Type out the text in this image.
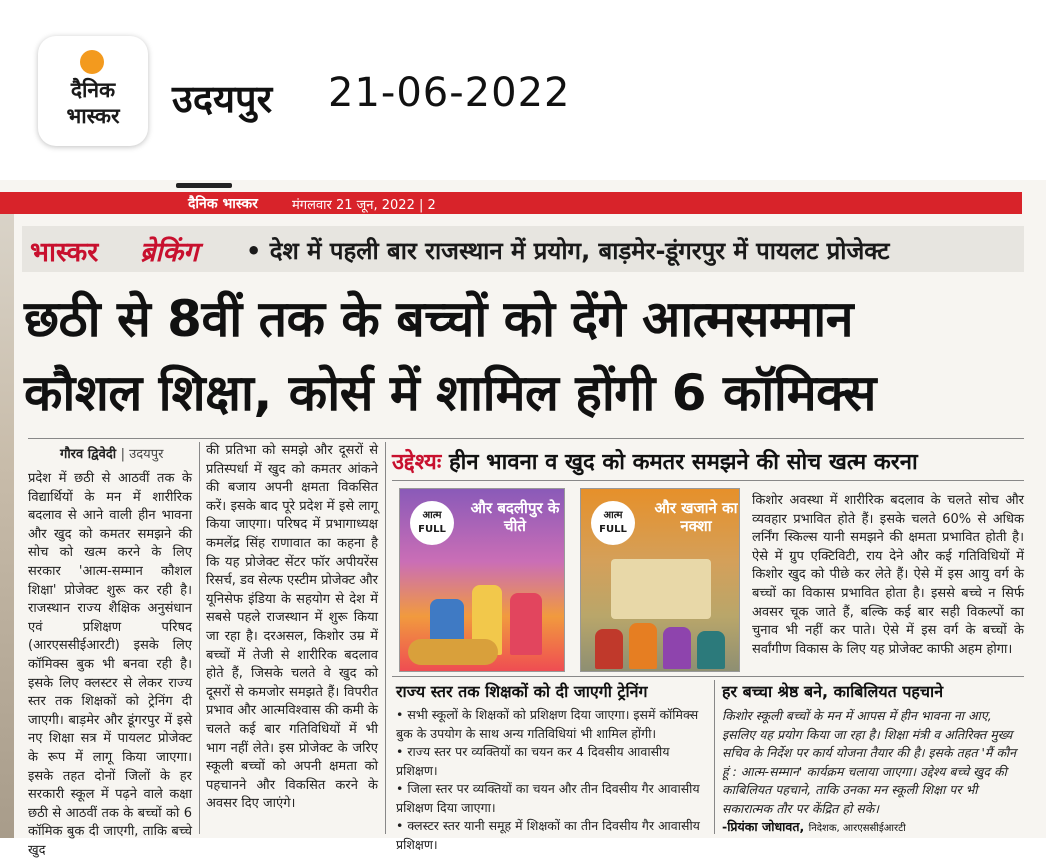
दैनिक
भास्कर	उदयपुर 21-06-2022
दैनिक भास्कर	मंगलवार 21 जून, 2022 | 2
भास्कर ब्रेकिंग • देश में पहली बार राजस्थान में प्रयोग, बाड़मेर-डूंगरपुर में पायलट प्रोजेक्ट
छठी से 8वीं तक के बच्चों को देंगे आत्मसम्मान
कौशल शिक्षा, कोर्स में शामिल होंगी 6 कॉमिक्स
गौरव द्विवेदी | उदयपुर
प्रदेश में छठी से आठवीं तक के विद्यार्थियों के मन में शारीरिक बदलाव से आने वाली हीन भावना और खुद को कमतर समझने की सोच को खत्म करने के लिए सरकार 'आत्म-सम्मान कौशल शिक्षा' प्रोजेक्ट शुरू कर रही है। राजस्थान राज्य शैक्षिक अनुसंधान एवं प्रशिक्षण परिषद (आरएससीईआरटी) इसके लिए कॉमिक्स बुक भी बनवा रही है। इसके लिए क्लस्टर से लेकर राज्य स्तर तक शिक्षकों को ट्रेनिंग दी जाएगी। बाड़मेर और डूंगरपुर में इसे नए शिक्षा सत्र में पायलट प्रोजेक्ट के रूप में लागू किया जाएगा। इसके तहत दोनों जिलों के हर सरकारी स्कूल में पढ़ने वाले कक्षा छठी से आठवीं तक के बच्चों को 6 कॉमिक बुक दी जाएगी, ताकि बच्चे खुद
की प्रतिभा को समझे और दूसरों से प्रतिस्पर्धा में खुद को कमतर आंकने की बजाय अपनी क्षमता विकसित करें। इसके बाद पूरे प्रदेश में इसे लागू किया जाएगा। परिषद में प्रभागाध्यक्ष कमलेंद्र सिंह राणावात का कहना है कि यह प्रोजेक्ट सेंटर फॉर अपीयरेंस रिसर्च, डव सेल्फ एस्टीम प्रोजेक्ट और यूनिसेफ इंडिया के सहयोग से देश में सबसे पहले राजस्थान में शुरू किया जा रहा है। दरअसल, किशोर उम्र में बच्चों में तेजी से शारीरिक बदलाव होते हैं, जिसके चलते वे खुद को दूसरों से कमजोर समझते हैं। विपरीत प्रभाव और आत्मविश्वास की कमी के चलते कई बार गतिविधियों में भी भाग नहीं लेते। इस प्रोजेक्ट के जरिए स्कूली बच्चों को अपनी क्षमता को पहचानने और विकसित करने के अवसर दिए जाएंगे।
उद्देश्यः हीन भावना व खुद को कमतर समझने की सोच खत्म करना
आत्म FULL
और बदलीपुर के चीते
आत्म FULL
और खजाने का नक्शा
किशोर अवस्था में शारीरिक बदलाव के चलते सोच और व्यवहार प्रभावित होते हैं। इसके चलते 60% से अधिक लर्निंग स्किल्स यानी समझने की क्षमता प्रभावित होती है। ऐसे में ग्रुप एक्टिविटी, राय देने और कई गतिविधियों में किशोर खुद को पीछे कर लेते हैं। ऐसे में इस आयु वर्ग के बच्चों का विकास प्रभावित होता है। इससे बच्चे न सिर्फ अवसर चूक जाते हैं, बल्कि कई बार सही विकल्पों का चुनाव भी नहीं कर पाते। ऐसे में इस वर्ग के बच्चों के सर्वांगीण विकास के लिए यह प्रोजेक्ट काफी अहम होगा।
राज्य स्तर तक शिक्षकों को दी जाएगी ट्रेनिंग
• सभी स्कूलों के शिक्षकों को प्रशिक्षण दिया जाएगा। इसमें कॉमिक्स बुक के उपयोग के साथ अन्य गतिविधियां भी शामिल होंगी।
• राज्य स्तर पर व्यक्तियों का चयन कर 4 दिवसीय आवासीय प्रशिक्षण।
• जिला स्तर पर व्यक्तियों का चयन और तीन दिवसीय गैर आवासीय प्रशिक्षण दिया जाएगा।
• क्लस्टर स्तर यानी समूह में शिक्षकों का तीन दिवसीय गैर आवासीय प्रशिक्षण।
हर बच्चा श्रेष्ठ बने, काबिलियत पहचाने
किशोर स्कूली बच्चों के मन में आपस में हीन भावना ना आए, इसलिए यह प्रयोग किया जा रहा है। शिक्षा मंत्री व अतिरिक्त मुख्य सचिव के निर्देश पर कार्य योजना तैयार की है। इसके तहत 'मैं कौन हूं : आत्म-सम्मान' कार्यक्रम चलाया जाएगा। उद्देश्य बच्चे खुद की काबिलियत पहचाने, ताकि उनका मन स्कूली शिक्षा पर भी सकारात्मक तौर पर केंद्रित हो सके।
-प्रियंका जोधावत, निदेशक, आरएससीईआरटी
